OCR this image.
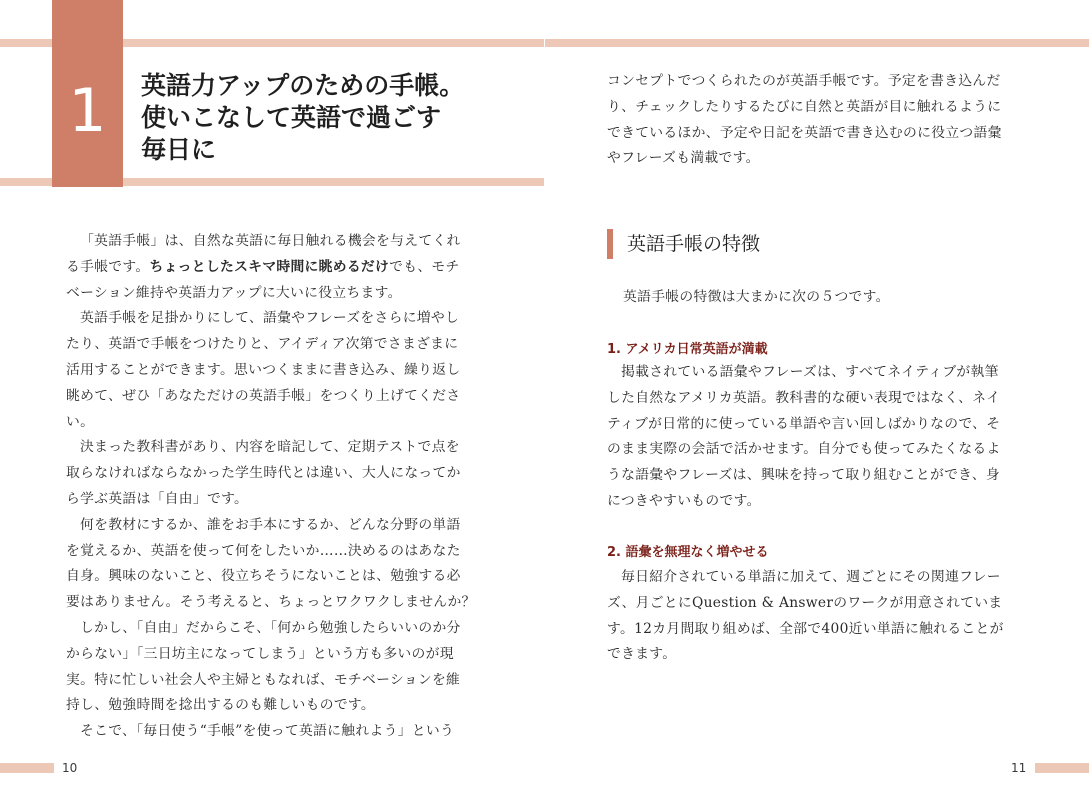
1	英語力アップのための手帳。
使いこなして英語で過ごす
毎日に
「英語手帳」は、自然な英語に毎日触れる機会を与えてくれ
る手帳です。ちょっとしたスキマ時間に眺めるだけでも、モチ
ベーション維持や英語力アップに大いに役立ちます。
英語手帳を足掛かりにして、語彙やフレーズをさらに増やし
たり、英語で手帳をつけたりと、アイディア次第でさまざまに
活用することができます。思いつくままに書き込み、繰り返し
眺めて、ぜひ「あなただけの英語手帳」をつくり上げてくださ
い。
決まった教科書があり、内容を暗記して、定期テストで点を
取らなければならなかった学生時代とは違い、大人になってか
ら学ぶ英語は「自由」です。
何を教材にするか、誰をお手本にするか、どんな分野の単語
を覚えるか、英語を使って何をしたいか……決めるのはあなた
自身。興味のないこと、役立ちそうにないことは、勉強する必
要はありません。そう考えると、ちょっとワクワクしませんか？
しかし、「自由」だからこそ、「何から勉強したらいいのか分
からない」「三日坊主になってしまう」という方も多いのが現
実。特に忙しい社会人や主婦ともなれば、モチベーションを維
持し、勉強時間を捻出するのも難しいものです。
そこで、「毎日使う“手帳”を使って英語に触れよう」という
10
コンセプトでつくられたのが英語手帳です。予定を書き込んだ
り、チェックしたりするたびに自然と英語が目に触れるように
できているほか、予定や日記を英語で書き込むのに役立つ語彙
やフレーズも満載です。
英語手帳の特徴
英語手帳の特徴は大まかに次の５つです。
1. アメリカ日常英語が満載
掲載されている語彙やフレーズは、すべてネイティブが執筆
した自然なアメリカ英語。教科書的な硬い表現ではなく、ネイ
ティブが日常的に使っている単語や言い回しばかりなので、そ
のまま実際の会話で活かせます。自分でも使ってみたくなるよ
うな語彙やフレーズは、興味を持って取り組むことができ、身
につきやすいものです。
2. 語彙を無理なく増やせる
毎日紹介されている単語に加えて、週ごとにその関連フレー
ズ、月ごとにQuestion & Answerのワークが用意されていま
す。12カ月間取り組めば、全部で400近い単語に触れることが
できます。
11
